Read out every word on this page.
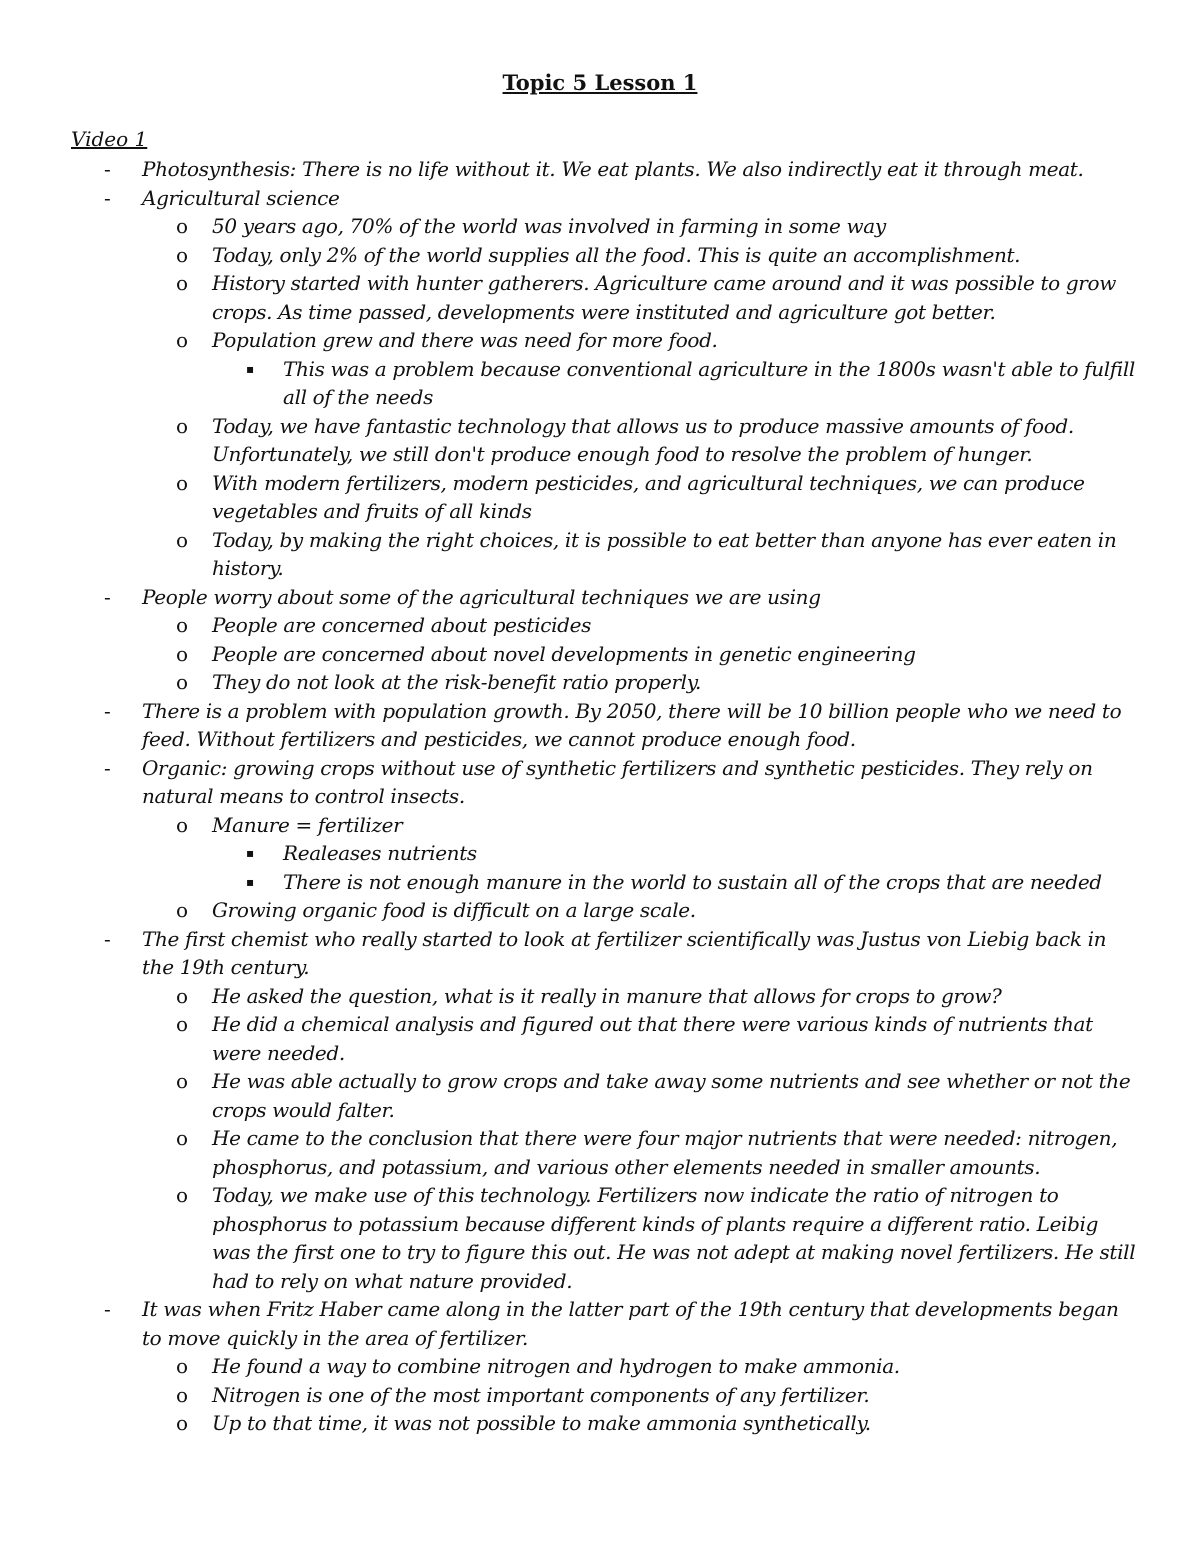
Topic 5 Lesson 1
Video 1
- Photosynthesis: There is no life without it. We eat plants. We also indirectly eat it through meat.
- Agricultural science
o 50 years ago, 70% of the world was involved in farming in some way
o Today, only 2% of the world supplies all the food. This is quite an accomplishment.
o History started with hunter gatherers. Agriculture came around and it was possible to grow crops. As time passed, developments were instituted and agriculture got better.
o Population grew and there was need for more food.
▪ This was a problem because conventional agriculture in the 1800s wasn't able to fulfill all of the needs
o Today, we have fantastic technology that allows us to produce massive amounts of food. Unfortunately, we still don't produce enough food to resolve the problem of hunger.
o With modern fertilizers, modern pesticides, and agricultural techniques, we can produce vegetables and fruits of all kinds
o Today, by making the right choices, it is possible to eat better than anyone has ever eaten in history.
- People worry about some of the agricultural techniques we are using
o People are concerned about pesticides
o People are concerned about novel developments in genetic engineering
o They do not look at the risk-benefit ratio properly.
- There is a problem with population growth. By 2050, there will be 10 billion people who we need to feed. Without fertilizers and pesticides, we cannot produce enough food.
- Organic: growing crops without use of synthetic fertilizers and synthetic pesticides. They rely on natural means to control insects.
o Manure = fertilizer
▪ Realeases nutrients
▪ There is not enough manure in the world to sustain all of the crops that are needed
o Growing organic food is difficult on a large scale.
- The first chemist who really started to look at fertilizer scientifically was Justus von Liebig back in the 19th century.
o He asked the question, what is it really in manure that allows for crops to grow?
o He did a chemical analysis and figured out that there were various kinds of nutrients that were needed.
o He was able actually to grow crops and take away some nutrients and see whether or not the crops would falter.
o He came to the conclusion that there were four major nutrients that were needed: nitrogen, phosphorus, and potassium, and various other elements needed in smaller amounts.
o Today, we make use of this technology. Fertilizers now indicate the ratio of nitrogen to phosphorus to potassium because different kinds of plants require a different ratio. Leibig was the first one to try to figure this out. He was not adept at making novel fertilizers. He still had to rely on what nature provided.
- It was when Fritz Haber came along in the latter part of the 19th century that developments began to move quickly in the area of fertilizer.
o He found a way to combine nitrogen and hydrogen to make ammonia.
o Nitrogen is one of the most important components of any fertilizer.
o Up to that time, it was not possible to make ammonia synthetically.
